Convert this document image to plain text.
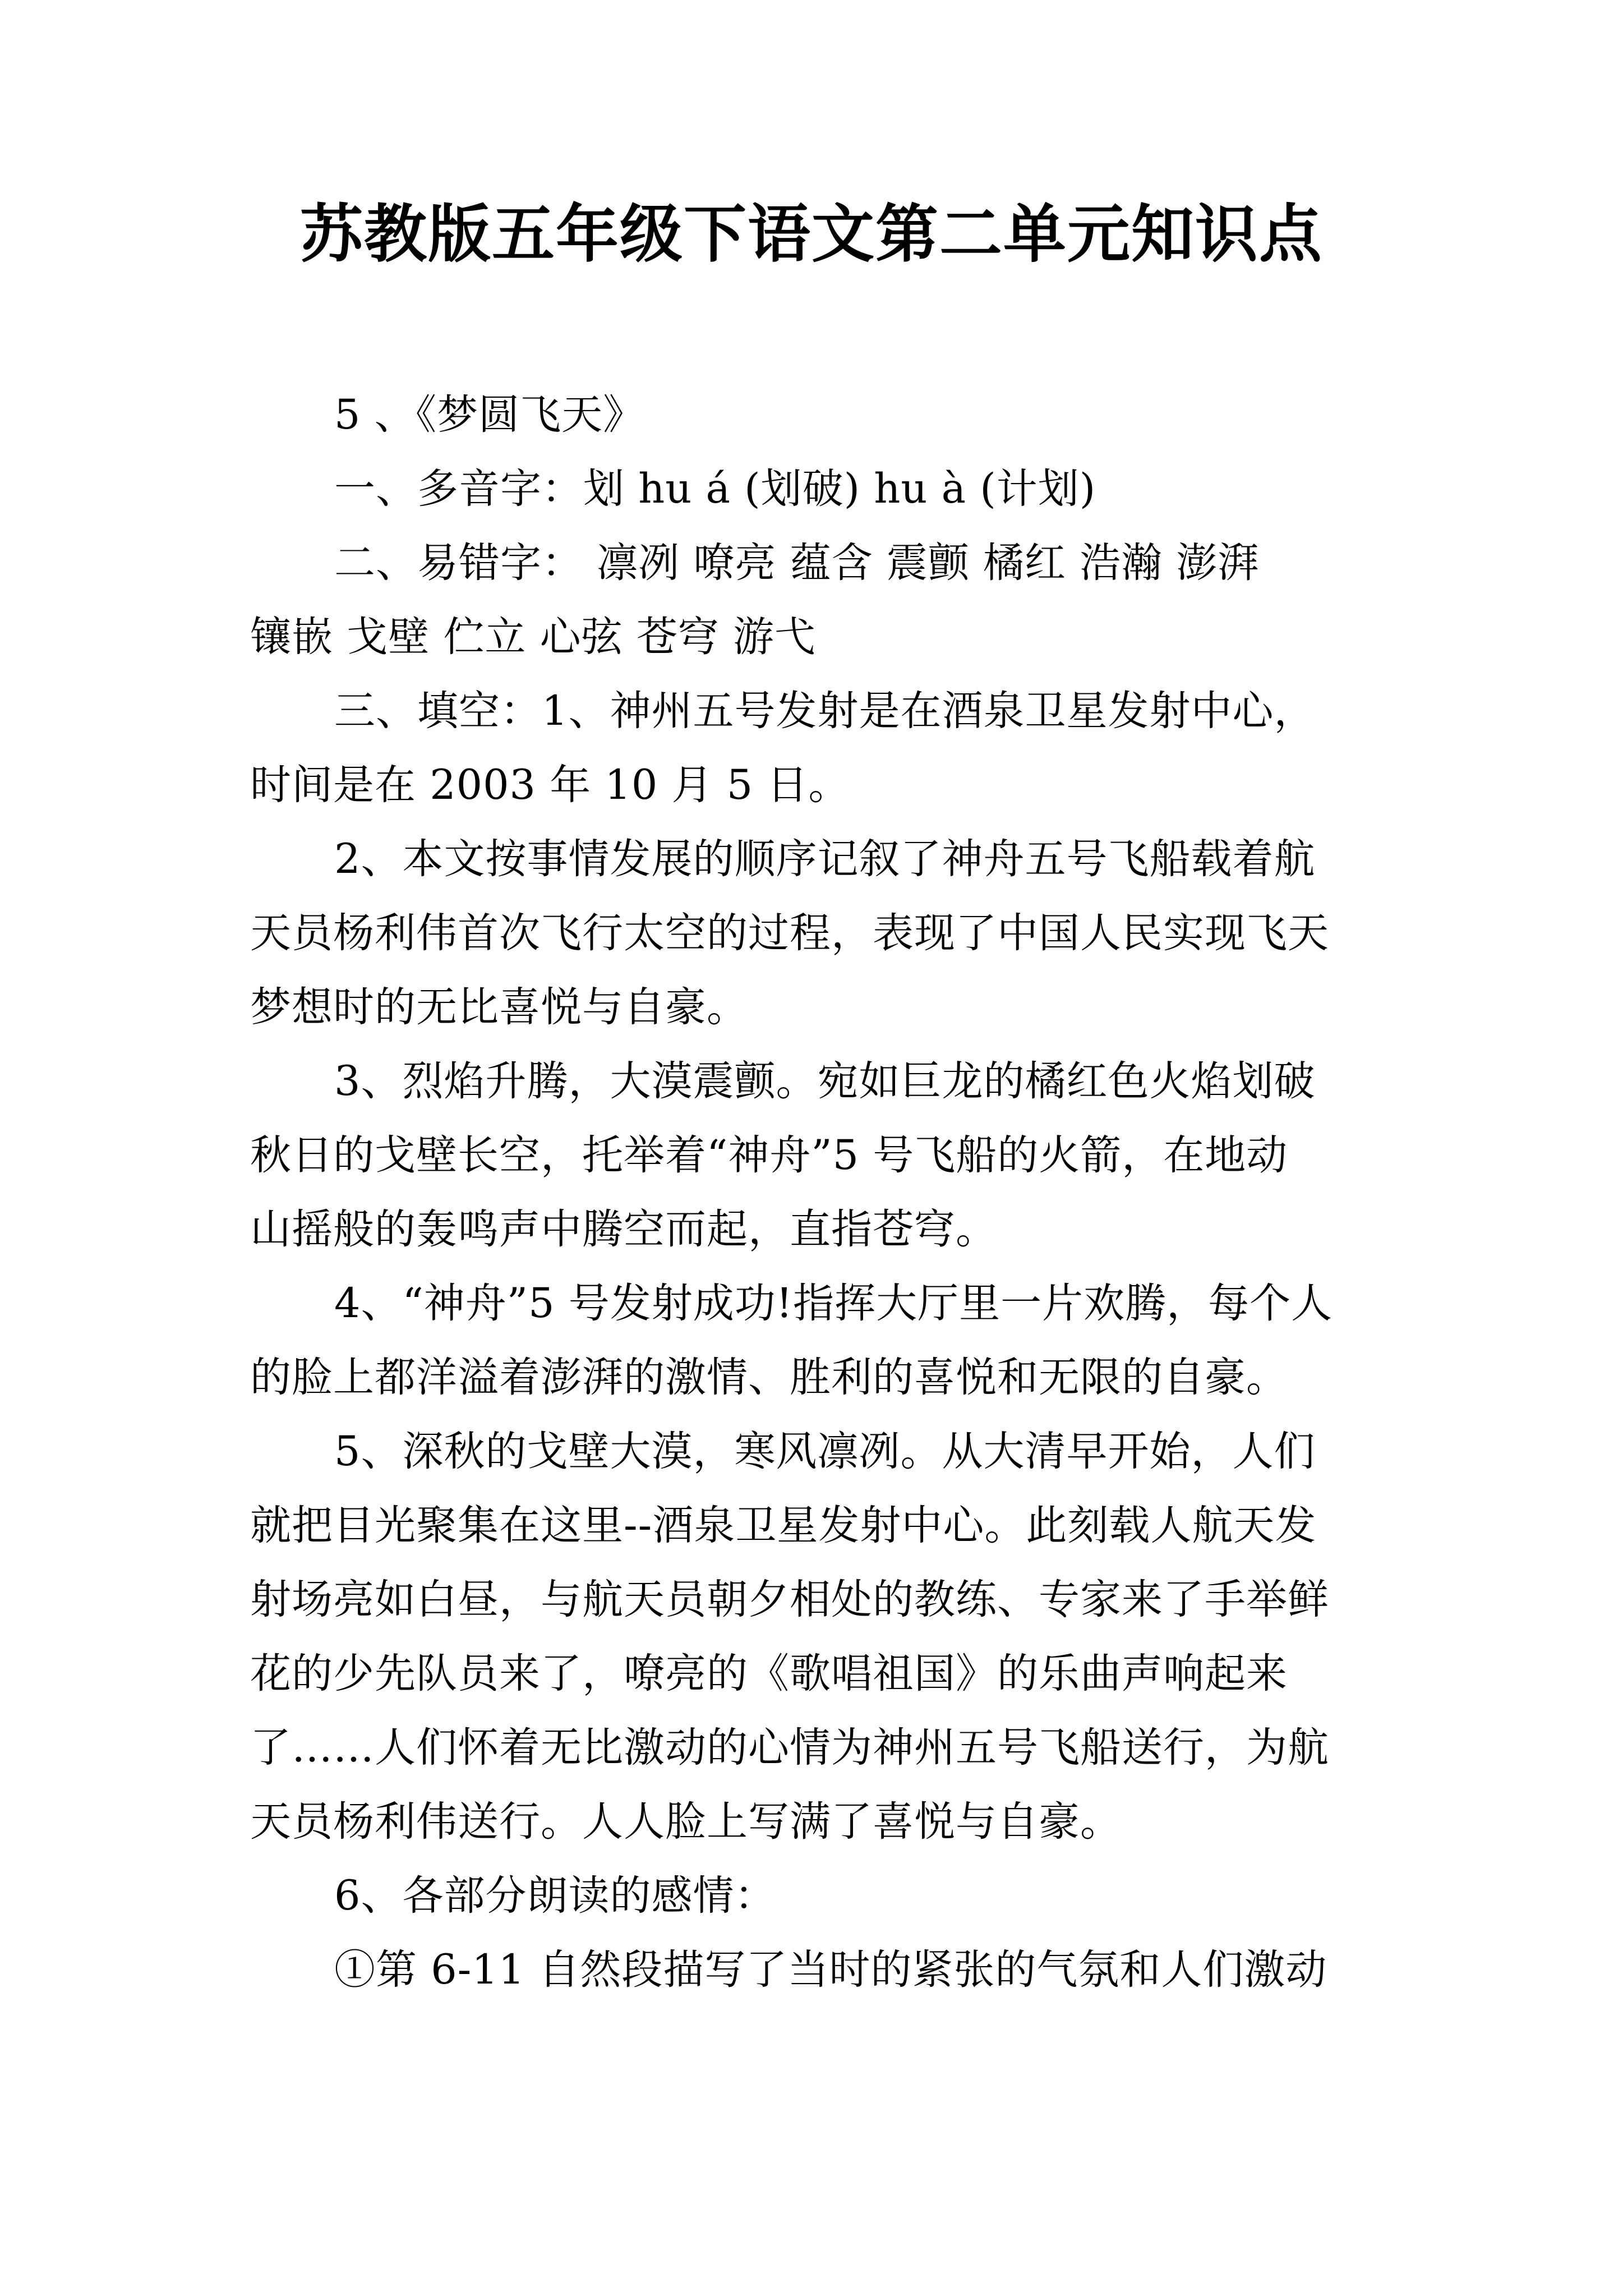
苏教版五年级下语文第二单元知识点
5 、《梦圆飞天》
一、多音字：划 hu á (划破) hu à (计划)
二、易错字： 凛冽 嘹亮 蕴含 震颤 橘红 浩瀚 澎湃
镶嵌 戈壁 伫立 心弦 苍穹 游弋
三、填空：1、神州五号发射是在酒泉卫星发射中心，
时间是在 2003 年 10 月 5 日。
2、本文按事情发展的顺序记叙了神舟五号飞船载着航
天员杨利伟首次飞行太空的过程，表现了中国人民实现飞天
梦想时的无比喜悦与自豪。
3、烈焰升腾，大漠震颤。宛如巨龙的橘红色火焰划破
秋日的戈壁长空，托举着“神舟”5 号飞船的火箭，在地动
山摇般的轰鸣声中腾空而起，直指苍穹。
4、“神舟”5 号发射成功!指挥大厅里一片欢腾，每个人
的脸上都洋溢着澎湃的激情、胜利的喜悦和无限的自豪。
5、深秋的戈壁大漠，寒风凛冽。从大清早开始，人们
就把目光聚集在这里--酒泉卫星发射中心。此刻载人航天发
射场亮如白昼，与航天员朝夕相处的教练、专家来了手举鲜
花的少先队员来了，嘹亮的《歌唱祖国》的乐曲声响起来
了……人们怀着无比激动的心情为神州五号飞船送行，为航
天员杨利伟送行。人人脸上写满了喜悦与自豪。
6、各部分朗读的感情：
①第 6-11 自然段描写了当时的紧张的气氛和人们激动
